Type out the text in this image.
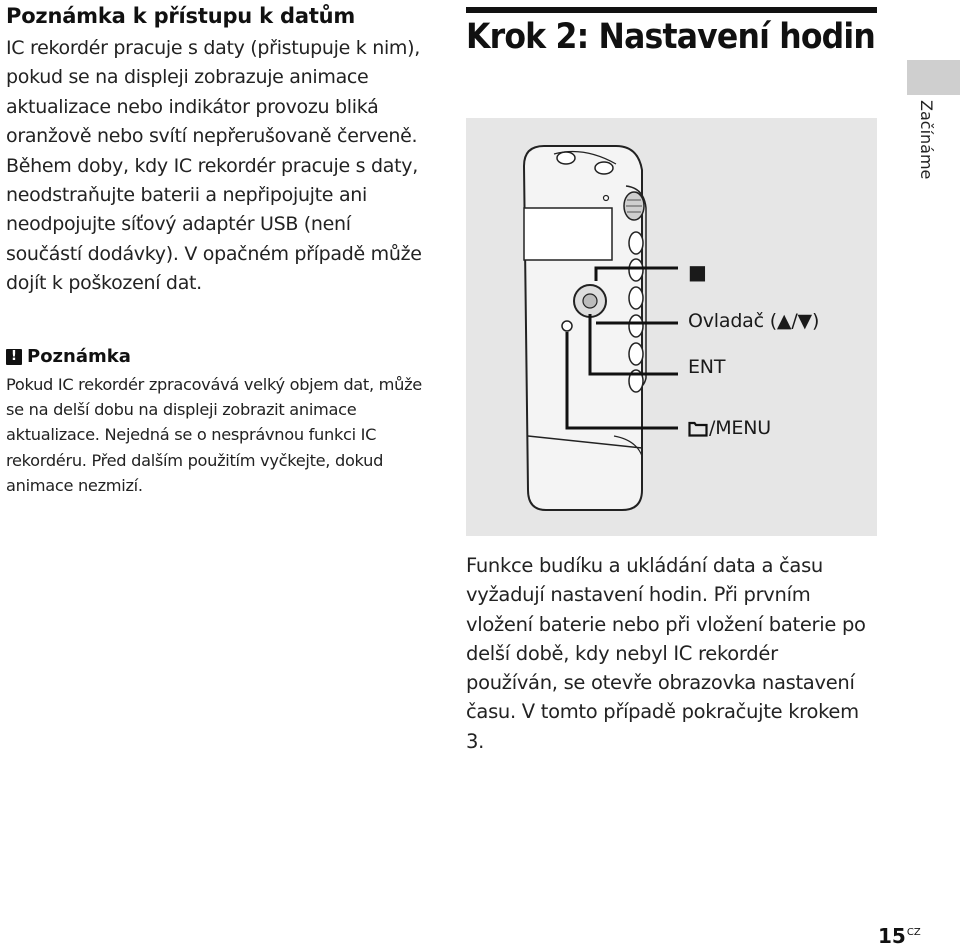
Poznámka k přístupu k datům
IC rekordér pracuje s daty (přistupuje k nim), pokud se na displeji zobrazuje animace aktualizace nebo indikátor provozu bliká oranžově nebo svítí nepřerušovaně červeně. Během doby, kdy IC rekordér pracuje s daty, neodstraňujte baterii a nepřipojujte ani neodpojujte síťový adaptér USB (není součástí dodávky). V opačném případě může dojít k poškození dat.
! Poznámka
Pokud IC rekordér zpracovává velký objem dat, může se na delší dobu na displeji zobrazit animace aktualizace. Nejedná se o nesprávnou funkci IC rekordéru. Před dalším použitím vyčkejte, dokud animace nezmizí.
Krok 2: Nastavení hodin
Začínáme
■
Ovladač (▲/▼)
ENT
/MENU
Funkce budíku a ukládání data a času vyžadují nastavení hodin. Při prvním vložení baterie nebo při vložení baterie po delší době, kdy nebyl IC rekordér používán, se otevře obrazovka nastavení času. V tomto případě pokračujte krokem 3.
$15^{CZ}$
